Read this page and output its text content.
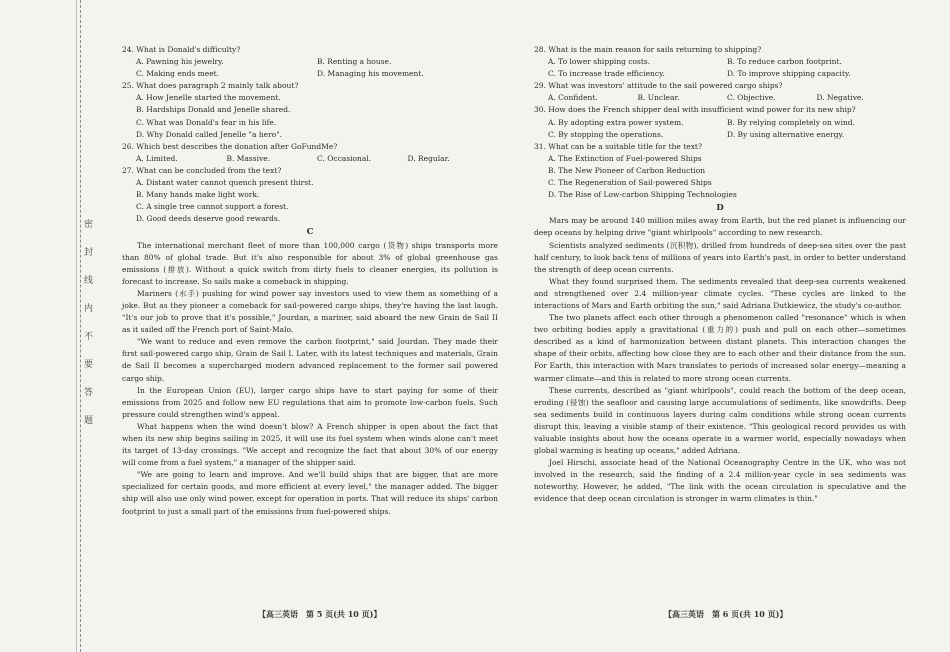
密
封
线
内
不
要
答
题

24. What is Donald's difficulty?

A. Pawning his jewelry.	B. Renting a house.
C. Making ends meet.	D. Managing his movement.

25. What does paragraph 2 mainly talk about?

A. How Jenelle started the movement.
B. Hardships Donald and Jenelle shared.
C. What was Donald's fear in his life.
D. Why Donald called Jenelle "a hero".

26. Which best describes the donation after GoFundMe?

A. Limited.	B. Massive.	C. Occasional.	D. Regular.

27. What can be concluded from the text?

A. Distant water cannot quench present thirst.
B. Many hands make light work.
C. A single tree cannot support a forest.
D. Good deeds deserve good rewards.
C

The international merchant fleet of more than 100,000 cargo (货物) ships transports more than 80% of global trade. But it's also responsible for about 3% of global greenhouse gas emissions (排放). Without a quick switch from dirty fuels to cleaner energies, its pollution is forecast to increase. So sails make a comeback in shipping.

Mariners (水手) pushing for wind power say investors used to view them as something of a joke. But as they pioneer a comeback for sail-powered cargo ships, they're having the last laugh. "It's our job to prove that it's possible," Jourdan, a mariner, said aboard the new Grain de Sail II as it sailed off the French port of Saint-Malo.

"We want to reduce and even remove the carbon footprint," said Jourdan. They made their first sail-powered cargo ship, Grain de Sail I. Later, with its latest techniques and materials, Grain de Sail II becomes a supercharged modern advanced replacement to the former sail powered cargo ship.

In the European Union (EU), larger cargo ships have to start paying for some of their emissions from 2025 and follow new EU regulations that aim to promote low-carbon fuels. Such pressure could strengthen wind's appeal.

What happens when the wind doesn't blow? A French shipper is open about the fact that when its new ship begins sailing in 2025, it will use its fuel system when winds alone can't meet its target of 13-day crossings. "We accept and recognize the fact that about 30% of our energy will come from a fuel system," a manager of the shipper said.

"We are going to learn and improve. And we'll build ships that are bigger, that are more specialized for certain goods, and more efficient at every level," the manager added. The bigger ship will also use only wind power, except for operation in ports. That will reduce its ships' carbon footprint to just a small part of the emissions from fuel-powered ships.

【高三英语　第 5 页(共 10 页)】

28. What is the main reason for sails returning to shipping?

A. To lower shipping costs.	B. To reduce carbon footprint.
C. To increase trade efficiency.	D. To improve shipping capacity.

29. What was investors' attitude to the sail powered cargo ships?

A. Confident.	B. Unclear.	C. Objective.	D. Negative.

30. How does the French shipper deal with insufficient wind power for its new ship?

A. By adopting extra power system.	B. By relying completely on wind.
C. By stopping the operations.	D. By using alternative energy.

31. What can be a suitable title for the text?

A. The Extinction of Fuel-powered Ships
B. The New Pioneer of Carbon Reduction
C. The Regeneration of Sail-powered Ships
D. The Rise of Low-carbon Shipping Technologies
D

Mars may be around 140 million miles away from Earth, but the red planet is influencing our deep oceans by helping drive "giant whirlpools" according to new research.

Scientists analyzed sediments (沉积物), drilled from hundreds of deep-sea sites over the past half century, to look back tens of millions of years into Earth's past, in order to better understand the strength of deep ocean currents.

What they found surprised them. The sediments revealed that deep-sea currents weakened and strengthened over 2.4 million-year climate cycles. "These cycles are linked to the interactions of Mars and Earth orbiting the sun," said Adriana Dutkiewicz, the study's co-author.

The two planets affect each other through a phenomenon called "resonance" which is when two orbiting bodies apply a gravitational (重力的) push and pull on each other—sometimes described as a kind of harmonization between distant planets. This interaction changes the shape of their orbits, affecting how close they are to each other and their distance from the sun. For Earth, this interaction with Mars translates to periods of increased solar energy—meaning a warmer climate—and this is related to more strong ocean currents.

These currents, described as "giant whirlpools", could reach the bottom of the deep ocean, eroding (侵蚀) the seafloor and causing large accumulations of sediments, like snowdrifts. Deep sea sediments build in continuous layers during calm conditions while strong ocean currents disrupt this, leaving a visible stamp of their existence. "This geological record provides us with valuable insights about how the oceans operate in a warmer world, especially nowadays when global warming is heating up oceans," added Adriana.

Joel Hirschi, associate head of the National Oceanography Centre in the UK, who was not involved in the research, said the finding of a 2.4 million-year cycle in sea sediments was noteworthy. However, he added, "The link with the ocean circulation is speculative and the evidence that deep ocean circulation is stronger in warm climates is thin."

【高三英语　第 6 页(共 10 页)】
